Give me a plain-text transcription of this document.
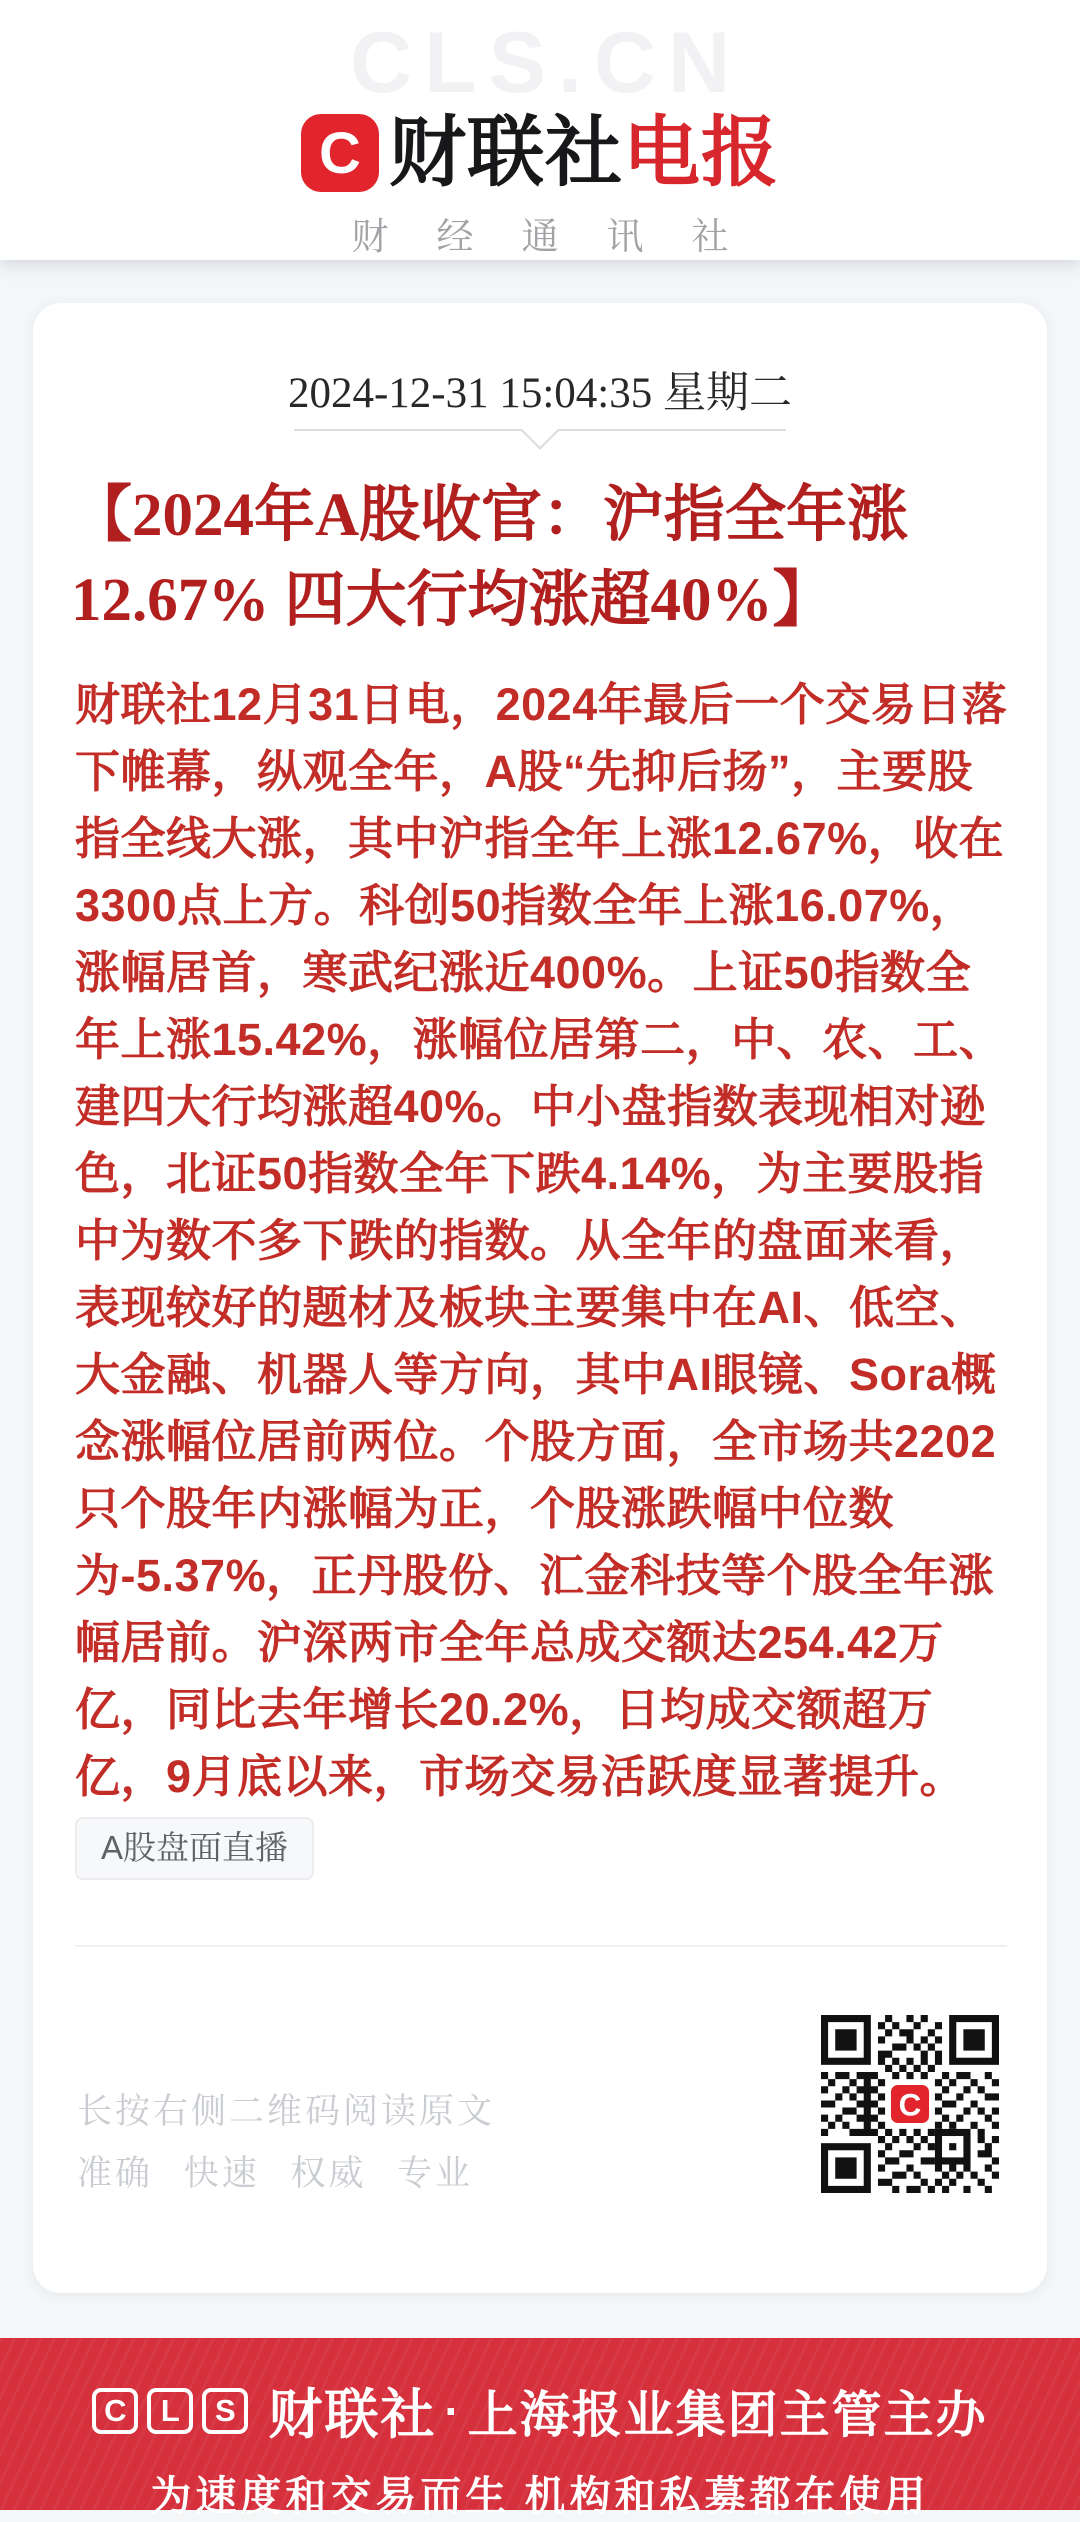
CLS.CN
C 财联社电报
财经通讯社
2024-12-31 15:04:35 星期二
【2024年A股收官：沪指全年涨12.67% 四大行均涨超40%】
财联社12月31日电，2024年最后一个交易日落下帷幕，纵观全年，A股“先抑后扬”，主要股指全线大涨，其中沪指全年上涨12.67%，收在3300点上方。科创50指数全年上涨16.07%，涨幅居首，寒武纪涨近400%。上证50指数全年上涨15.42%，涨幅位居第二，中、农、工、建四大行均涨超40%。中小盘指数表现相对逊色，北证50指数全年下跌4.14%，为主要股指中为数不多下跌的指数。从全年的盘面来看，表现较好的题材及板块主要集中在AI、低空、大金融、机器人等方向，其中AI眼镜、Sora概念涨幅位居前两位。个股方面，全市场共2202只个股年内涨幅为正，个股涨跌幅中位数为-5.37%，正丹股份、汇金科技等个股全年涨幅居前。沪深两市全年总成交额达254.42万亿，同比去年增长20.2%，日均成交额超万亿，9月底以来，市场交易活跃度显著提升。
A股盘面直播
长按右侧二维码阅读原文
准确 快速 权威 专业
C
C	L	S 财联社 · 上海报业集团主管主办
为速度和交易而生 机构和私募都在使用
